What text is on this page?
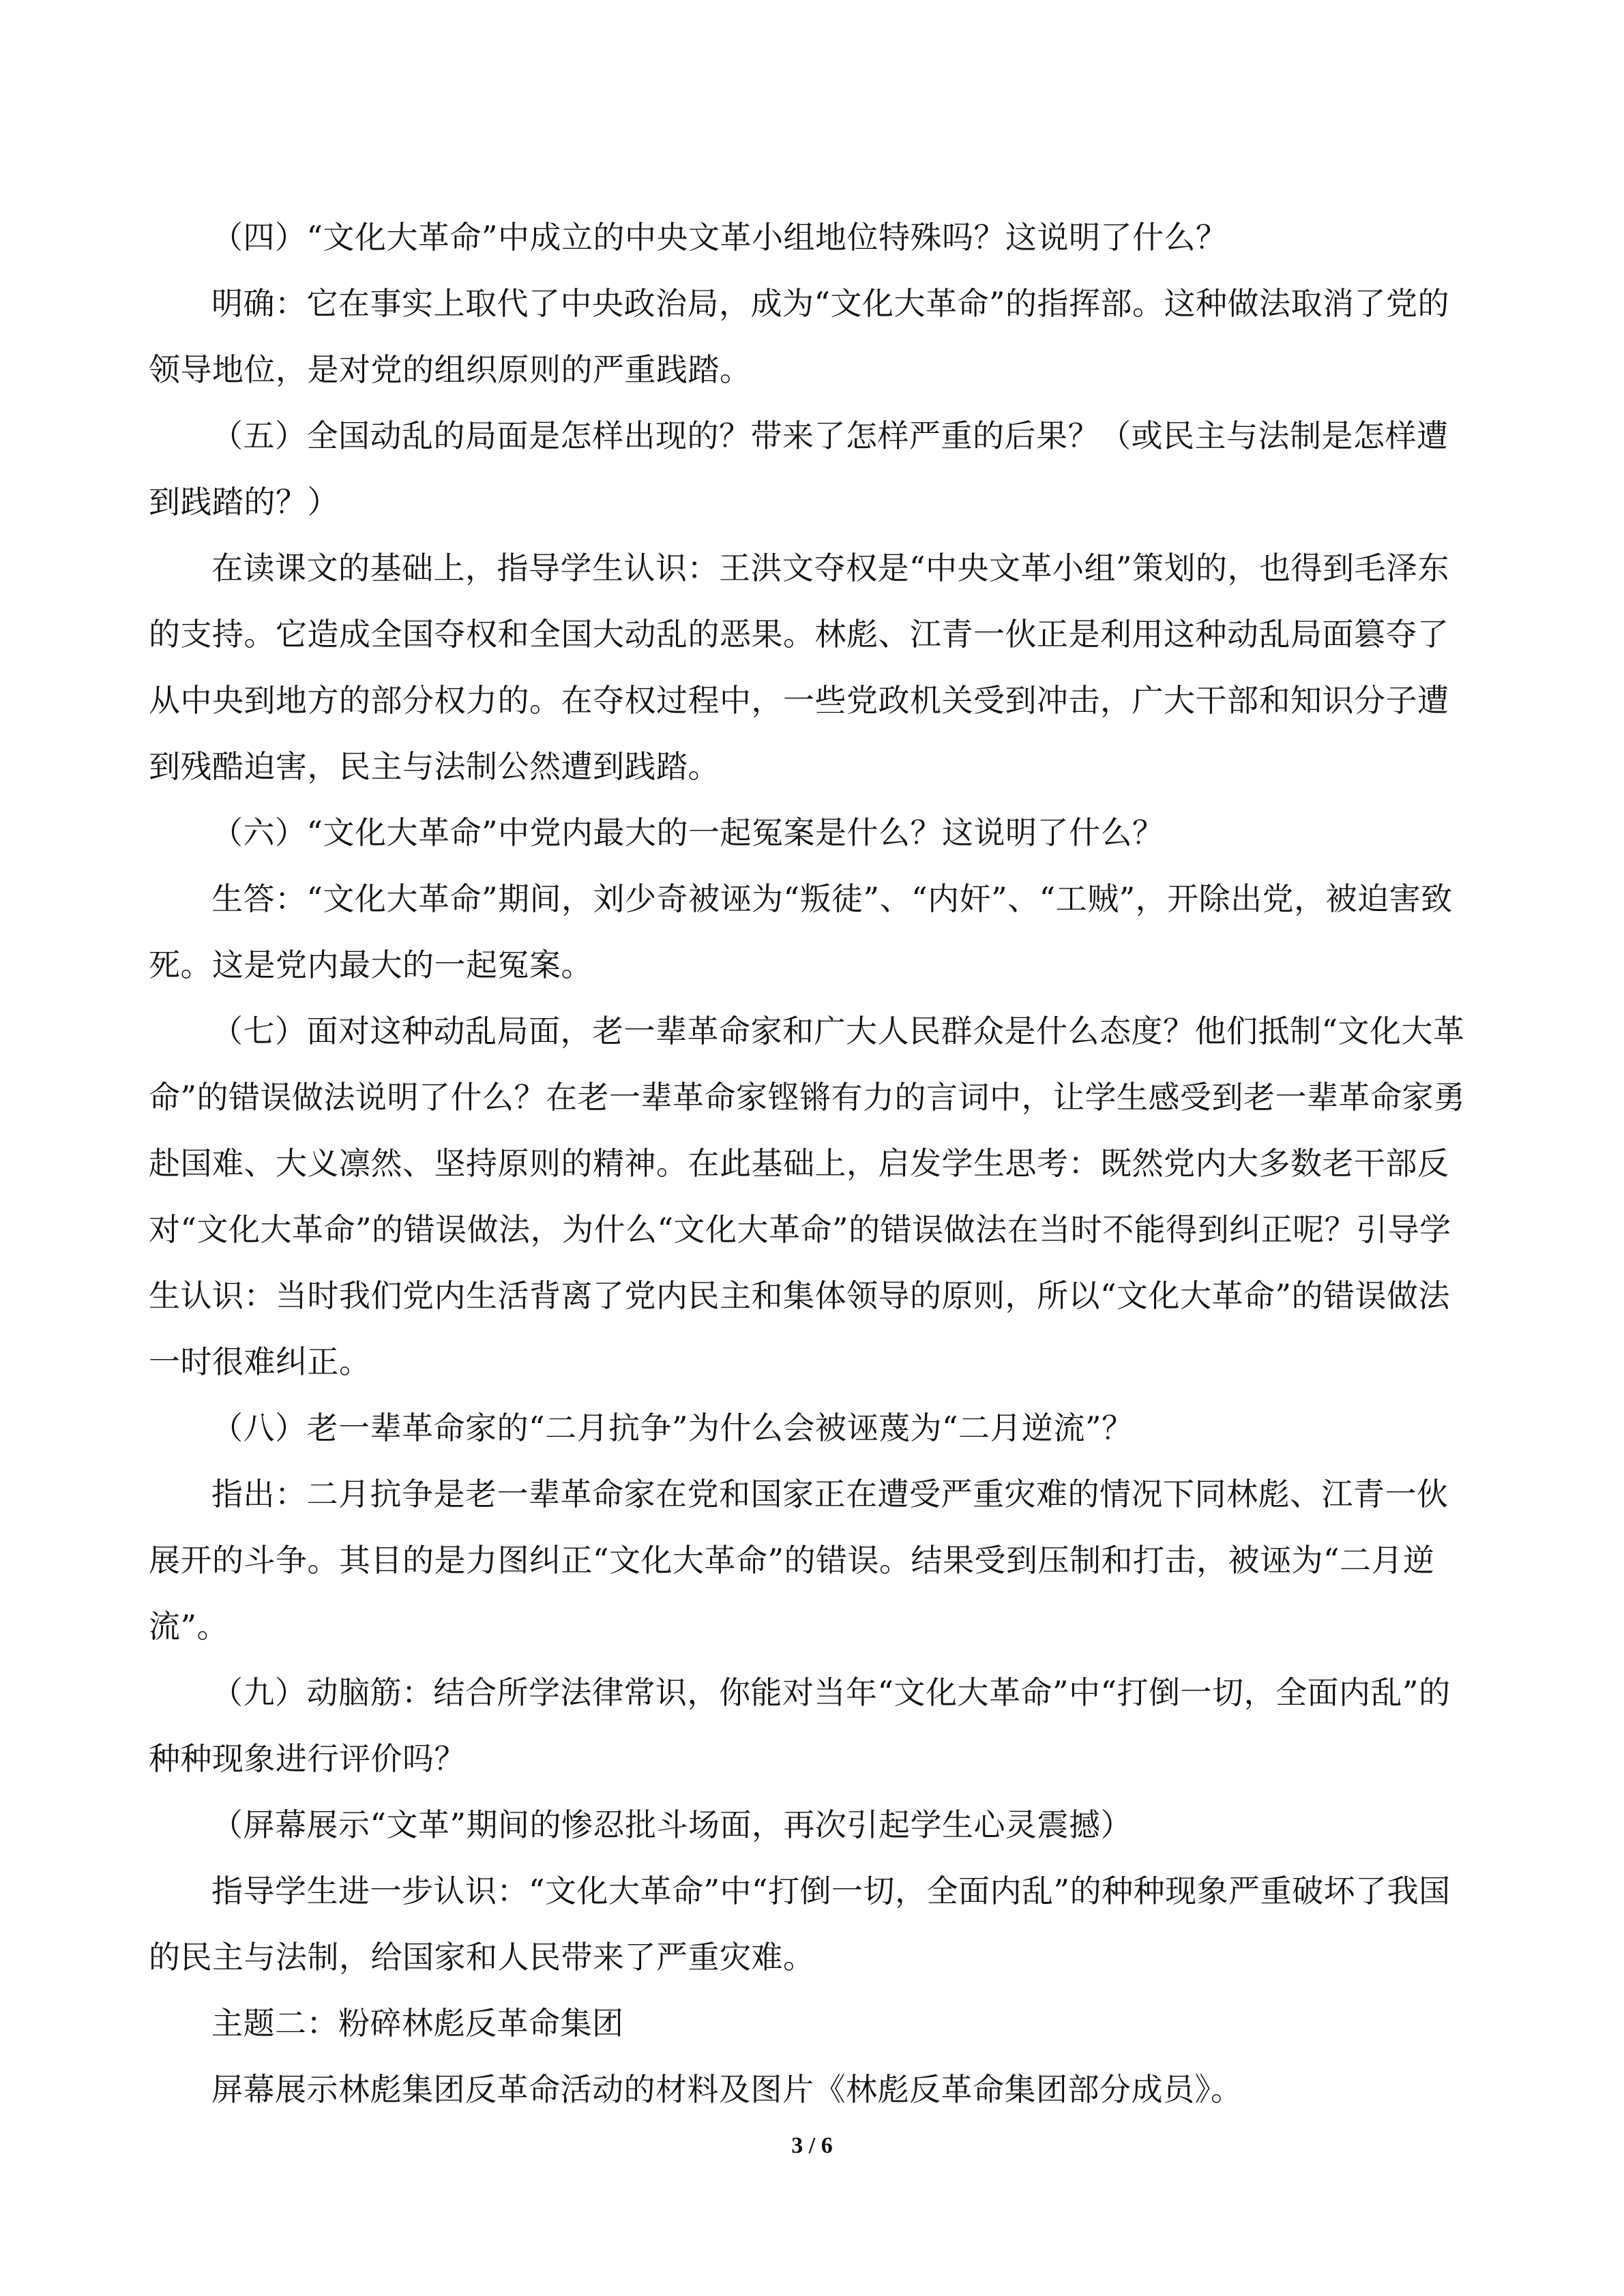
（四）“文化大革命”中成立的中央文革小组地位特殊吗？这说明了什么？

明确：它在事实上取代了中央政治局，成为“文化大革命”的指挥部。这种做法取消了党的领导地位，是对党的组织原则的严重践踏。

（五）全国动乱的局面是怎样出现的？带来了怎样严重的后果？（或民主与法制是怎样遭到践踏的？）

在读课文的基础上，指导学生认识：王洪文夺权是“中央文革小组”策划的，也得到毛泽东的支持。它造成全国夺权和全国大动乱的恶果。林彪、江青一伙正是利用这种动乱局面篡夺了从中央到地方的部分权力的。在夺权过程中，一些党政机关受到冲击，广大干部和知识分子遭到残酷迫害，民主与法制公然遭到践踏。

（六）“文化大革命”中党内最大的一起冤案是什么？这说明了什么？

生答：“文化大革命”期间，刘少奇被诬为“叛徒”、“内奸”、“工贼”，开除出党，被迫害致死。这是党内最大的一起冤案。

（七）面对这种动乱局面，老一辈革命家和广大人民群众是什么态度？他们抵制“文化大革命”的错误做法说明了什么？在老一辈革命家铿锵有力的言词中，让学生感受到老一辈革命家勇赴国难、大义凛然、坚持原则的精神。在此基础上，启发学生思考：既然党内大多数老干部反对“文化大革命”的错误做法，为什么“文化大革命”的错误做法在当时不能得到纠正呢？引导学生认识：当时我们党内生活背离了党内民主和集体领导的原则，所以“文化大革命”的错误做法一时很难纠正。

（八）老一辈革命家的“二月抗争”为什么会被诬蔑为“二月逆流”？

指出：二月抗争是老一辈革命家在党和国家正在遭受严重灾难的情况下同林彪、江青一伙展开的斗争。其目的是力图纠正“文化大革命”的错误。结果受到压制和打击，被诬为“二月逆流”。

（九）动脑筋：结合所学法律常识，你能对当年“文化大革命”中“打倒一切，全面内乱”的种种现象进行评价吗？

（屏幕展示“文革”期间的惨忍批斗场面，再次引起学生心灵震撼）

指导学生进一步认识：“文化大革命”中“打倒一切，全面内乱”的种种现象严重破坏了我国的民主与法制，给国家和人民带来了严重灾难。

主题二：粉碎林彪反革命集团

屏幕展示林彪集团反革命活动的材料及图片《林彪反革命集团部分成员》。

3 / 6
